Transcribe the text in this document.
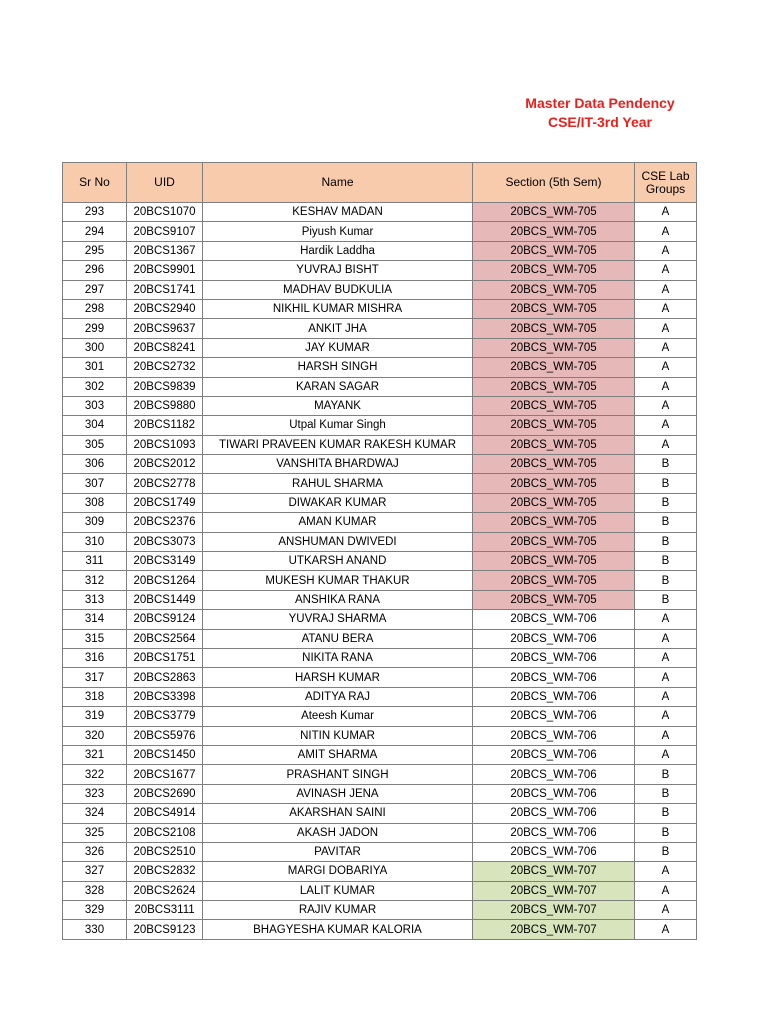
Master Data Pendency
CSE/IT-3rd Year
Sr No	UID	Name	Section (5th Sem)	CSE Lab Groups
293	20BCS1070	KESHAV MADAN	20BCS_WM-705	A
294	20BCS9107	Piyush Kumar	20BCS_WM-705	A
295	20BCS1367	Hardik Laddha	20BCS_WM-705	A
296	20BCS9901	YUVRAJ BISHT	20BCS_WM-705	A
297	20BCS1741	MADHAV BUDKULIA	20BCS_WM-705	A
298	20BCS2940	NIKHIL KUMAR MISHRA	20BCS_WM-705	A
299	20BCS9637	ANKIT JHA	20BCS_WM-705	A
300	20BCS8241	JAY KUMAR	20BCS_WM-705	A
301	20BCS2732	HARSH SINGH	20BCS_WM-705	A
302	20BCS9839	KARAN SAGAR	20BCS_WM-705	A
303	20BCS9880	MAYANK	20BCS_WM-705	A
304	20BCS1182	Utpal Kumar Singh	20BCS_WM-705	A
305	20BCS1093	TIWARI PRAVEEN KUMAR RAKESH KUMAR	20BCS_WM-705	A
306	20BCS2012	VANSHITA BHARDWAJ	20BCS_WM-705	B
307	20BCS2778	RAHUL SHARMA	20BCS_WM-705	B
308	20BCS1749	DIWAKAR KUMAR	20BCS_WM-705	B
309	20BCS2376	AMAN KUMAR	20BCS_WM-705	B
310	20BCS3073	ANSHUMAN DWIVEDI	20BCS_WM-705	B
311	20BCS3149	UTKARSH ANAND	20BCS_WM-705	B
312	20BCS1264	MUKESH KUMAR THAKUR	20BCS_WM-705	B
313	20BCS1449	ANSHIKA RANA	20BCS_WM-705	B
314	20BCS9124	YUVRAJ SHARMA	20BCS_WM-706	A
315	20BCS2564	ATANU BERA	20BCS_WM-706	A
316	20BCS1751	NIKITA RANA	20BCS_WM-706	A
317	20BCS2863	HARSH KUMAR	20BCS_WM-706	A
318	20BCS3398	ADITYA RAJ	20BCS_WM-706	A
319	20BCS3779	Ateesh Kumar	20BCS_WM-706	A
320	20BCS5976	NITIN KUMAR	20BCS_WM-706	A
321	20BCS1450	AMIT SHARMA	20BCS_WM-706	A
322	20BCS1677	PRASHANT SINGH	20BCS_WM-706	B
323	20BCS2690	AVINASH JENA	20BCS_WM-706	B
324	20BCS4914	AKARSHAN SAINI	20BCS_WM-706	B
325	20BCS2108	AKASH JADON	20BCS_WM-706	B
326	20BCS2510	PAVITAR	20BCS_WM-706	B
327	20BCS2832	MARGI DOBARIYA	20BCS_WM-707	A
328	20BCS2624	LALIT KUMAR	20BCS_WM-707	A
329	20BCS3111	RAJIV KUMAR	20BCS_WM-707	A
330	20BCS9123	BHAGYESHA KUMAR KALORIA	20BCS_WM-707	A
